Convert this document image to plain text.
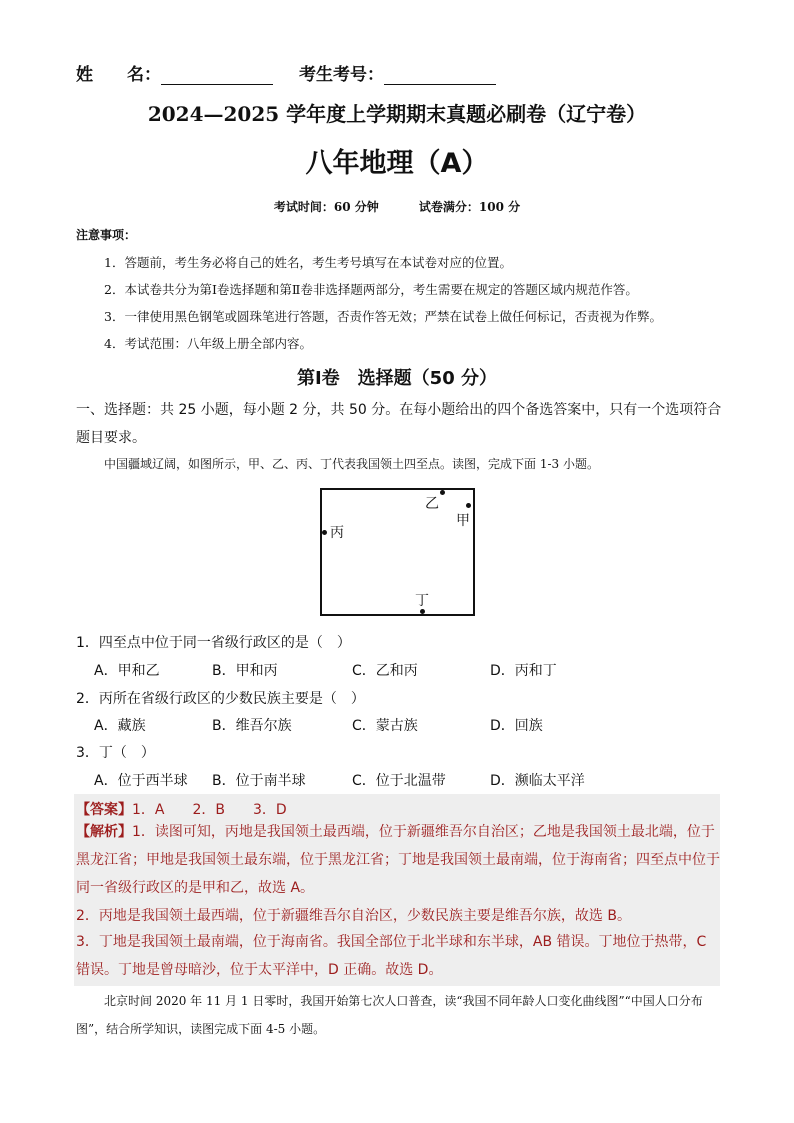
姓　　名：	考生考号：
2024—2025 学年度上学期期末真题必刷卷（辽宁卷）
八年地理（A）
考试时间：60 分钟	试卷满分：100 分
注意事项：
1．答题前，考生务必将自己的姓名，考生考号填写在本试卷对应的位置。
2．本试卷共分为第Ⅰ卷选择题和第Ⅱ卷非选择题两部分，考生需要在规定的答题区域内规范作答。
3．一律使用黑色钢笔或圆珠笔进行答题，否责作答无效；严禁在试卷上做任何标记，否责视为作弊。
4．考试范围：八年级上册全部内容。
第Ⅰ卷　选择题（50 分）
一、选择题：共 25 小题，每小题 2 分，共 50 分。在每小题给出的四个备选答案中，只有一个选项符合题目要求。
中国疆域辽阔，如图所示，甲、乙、丙、丁代表我国领土四至点。读图，完成下面 1-3 小题。
乙
甲
丙
丁
1．四至点中位于同一省级行政区的是（　）
A．甲和乙	B．甲和丙	C．乙和丙	D．丙和丁
2．丙所在省级行政区的少数民族主要是（　）
A．藏族	B．维吾尔族	C．蒙古族	D．回族
3．丁（　）
A．位于西半球 B．位于南半球	C．位于北温带	D．濒临太平洋
【答案】1．A　　2．B　　3．D
【解析】1．读图可知，丙地是我国领土最西端，位于新疆维吾尔自治区；乙地是我国领土最北端，位于黑龙江省；甲地是我国领土最东端，位于黑龙江省；丁地是我国领土最南端，位于海南省；四至点中位于同一省级行政区的是甲和乙，故选 A。
2．丙地是我国领土最西端，位于新疆维吾尔自治区，少数民族主要是维吾尔族，故选 B。
3．丁地是我国领土最南端，位于海南省。我国全部位于北半球和东半球，AB 错误。丁地位于热带，C 错误。丁地是曾母暗沙，位于太平洋中，D 正确。故选 D。
北京时间 2020 年 11 月 1 日零时，我国开始第七次人口普查，读“我国不同年龄人口变化曲线图”“中国人口分布图”，结合所学知识，读图完成下面 4-5 小题。
